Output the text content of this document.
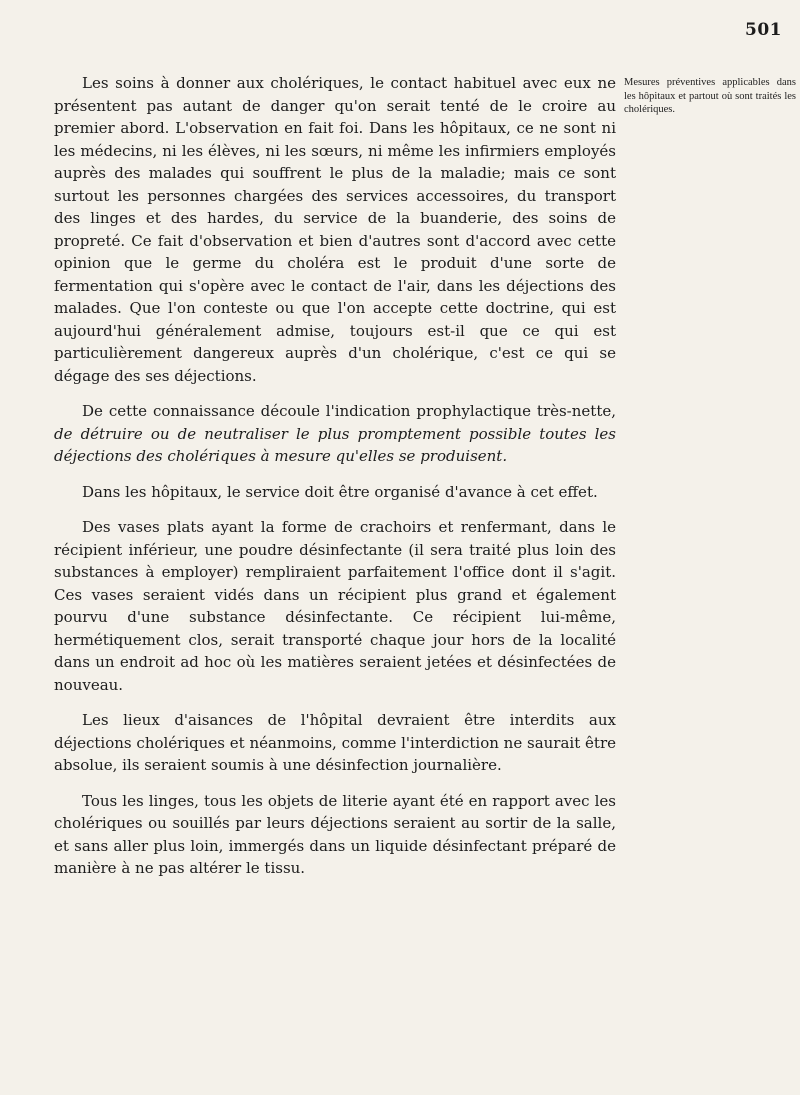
501
Mesures préventives applicables dans les hôpitaux et partout où sont traités les cholériques.

Les soins à donner aux cholériques, le contact habituel avec eux ne présentent pas autant de danger qu'on serait tenté de le croire au premier abord. L'observation en fait foi. Dans les hôpitaux, ce ne sont ni les médecins, ni les élèves, ni les sœurs, ni même les infirmiers employés auprès des malades qui souffrent le plus de la maladie; mais ce sont surtout les personnes chargées des services accessoires, du transport des linges et des hardes, du service de la buanderie, des soins de propreté. Ce fait d'observation et bien d'autres sont d'accord avec cette opinion que le germe du choléra est le produit d'une sorte de fermentation qui s'opère avec le contact de l'air, dans les déjections des malades. Que l'on conteste ou que l'on accepte cette doctrine, qui est aujourd'hui généralement admise, toujours est-il que ce qui est particulièrement dangereux auprès d'un cholérique, c'est ce qui se dégage des ses déjections.

De cette connaissance découle l'indication prophylactique très-nette, de détruire ou de neutraliser le plus promptement possible toutes les déjections des cholériques à mesure qu'elles se produisent.

Dans les hôpitaux, le service doit être organisé d'avance à cet effet.

Des vases plats ayant la forme de crachoirs et renfermant, dans le récipient inférieur, une poudre désinfectante (il sera traité plus loin des substances à employer) rempliraient parfaitement l'office dont il s'agit. Ces vases seraient vidés dans un récipient plus grand et également pourvu d'une substance désinfectante. Ce récipient lui-même, hermétiquement clos, serait transporté chaque jour hors de la localité dans un endroit ad hoc où les matières seraient jetées et désinfectées de nouveau.

Les lieux d'aisances de l'hôpital devraient être interdits aux déjections cholériques et néanmoins, comme l'interdiction ne saurait être absolue, ils seraient soumis à une désinfection journalière.

Tous les linges, tous les objets de literie ayant été en rapport avec les cholériques ou souillés par leurs déjections seraient au sortir de la salle, et sans aller plus loin, immergés dans un liquide désinfectant préparé de manière à ne pas altérer le tissu.
